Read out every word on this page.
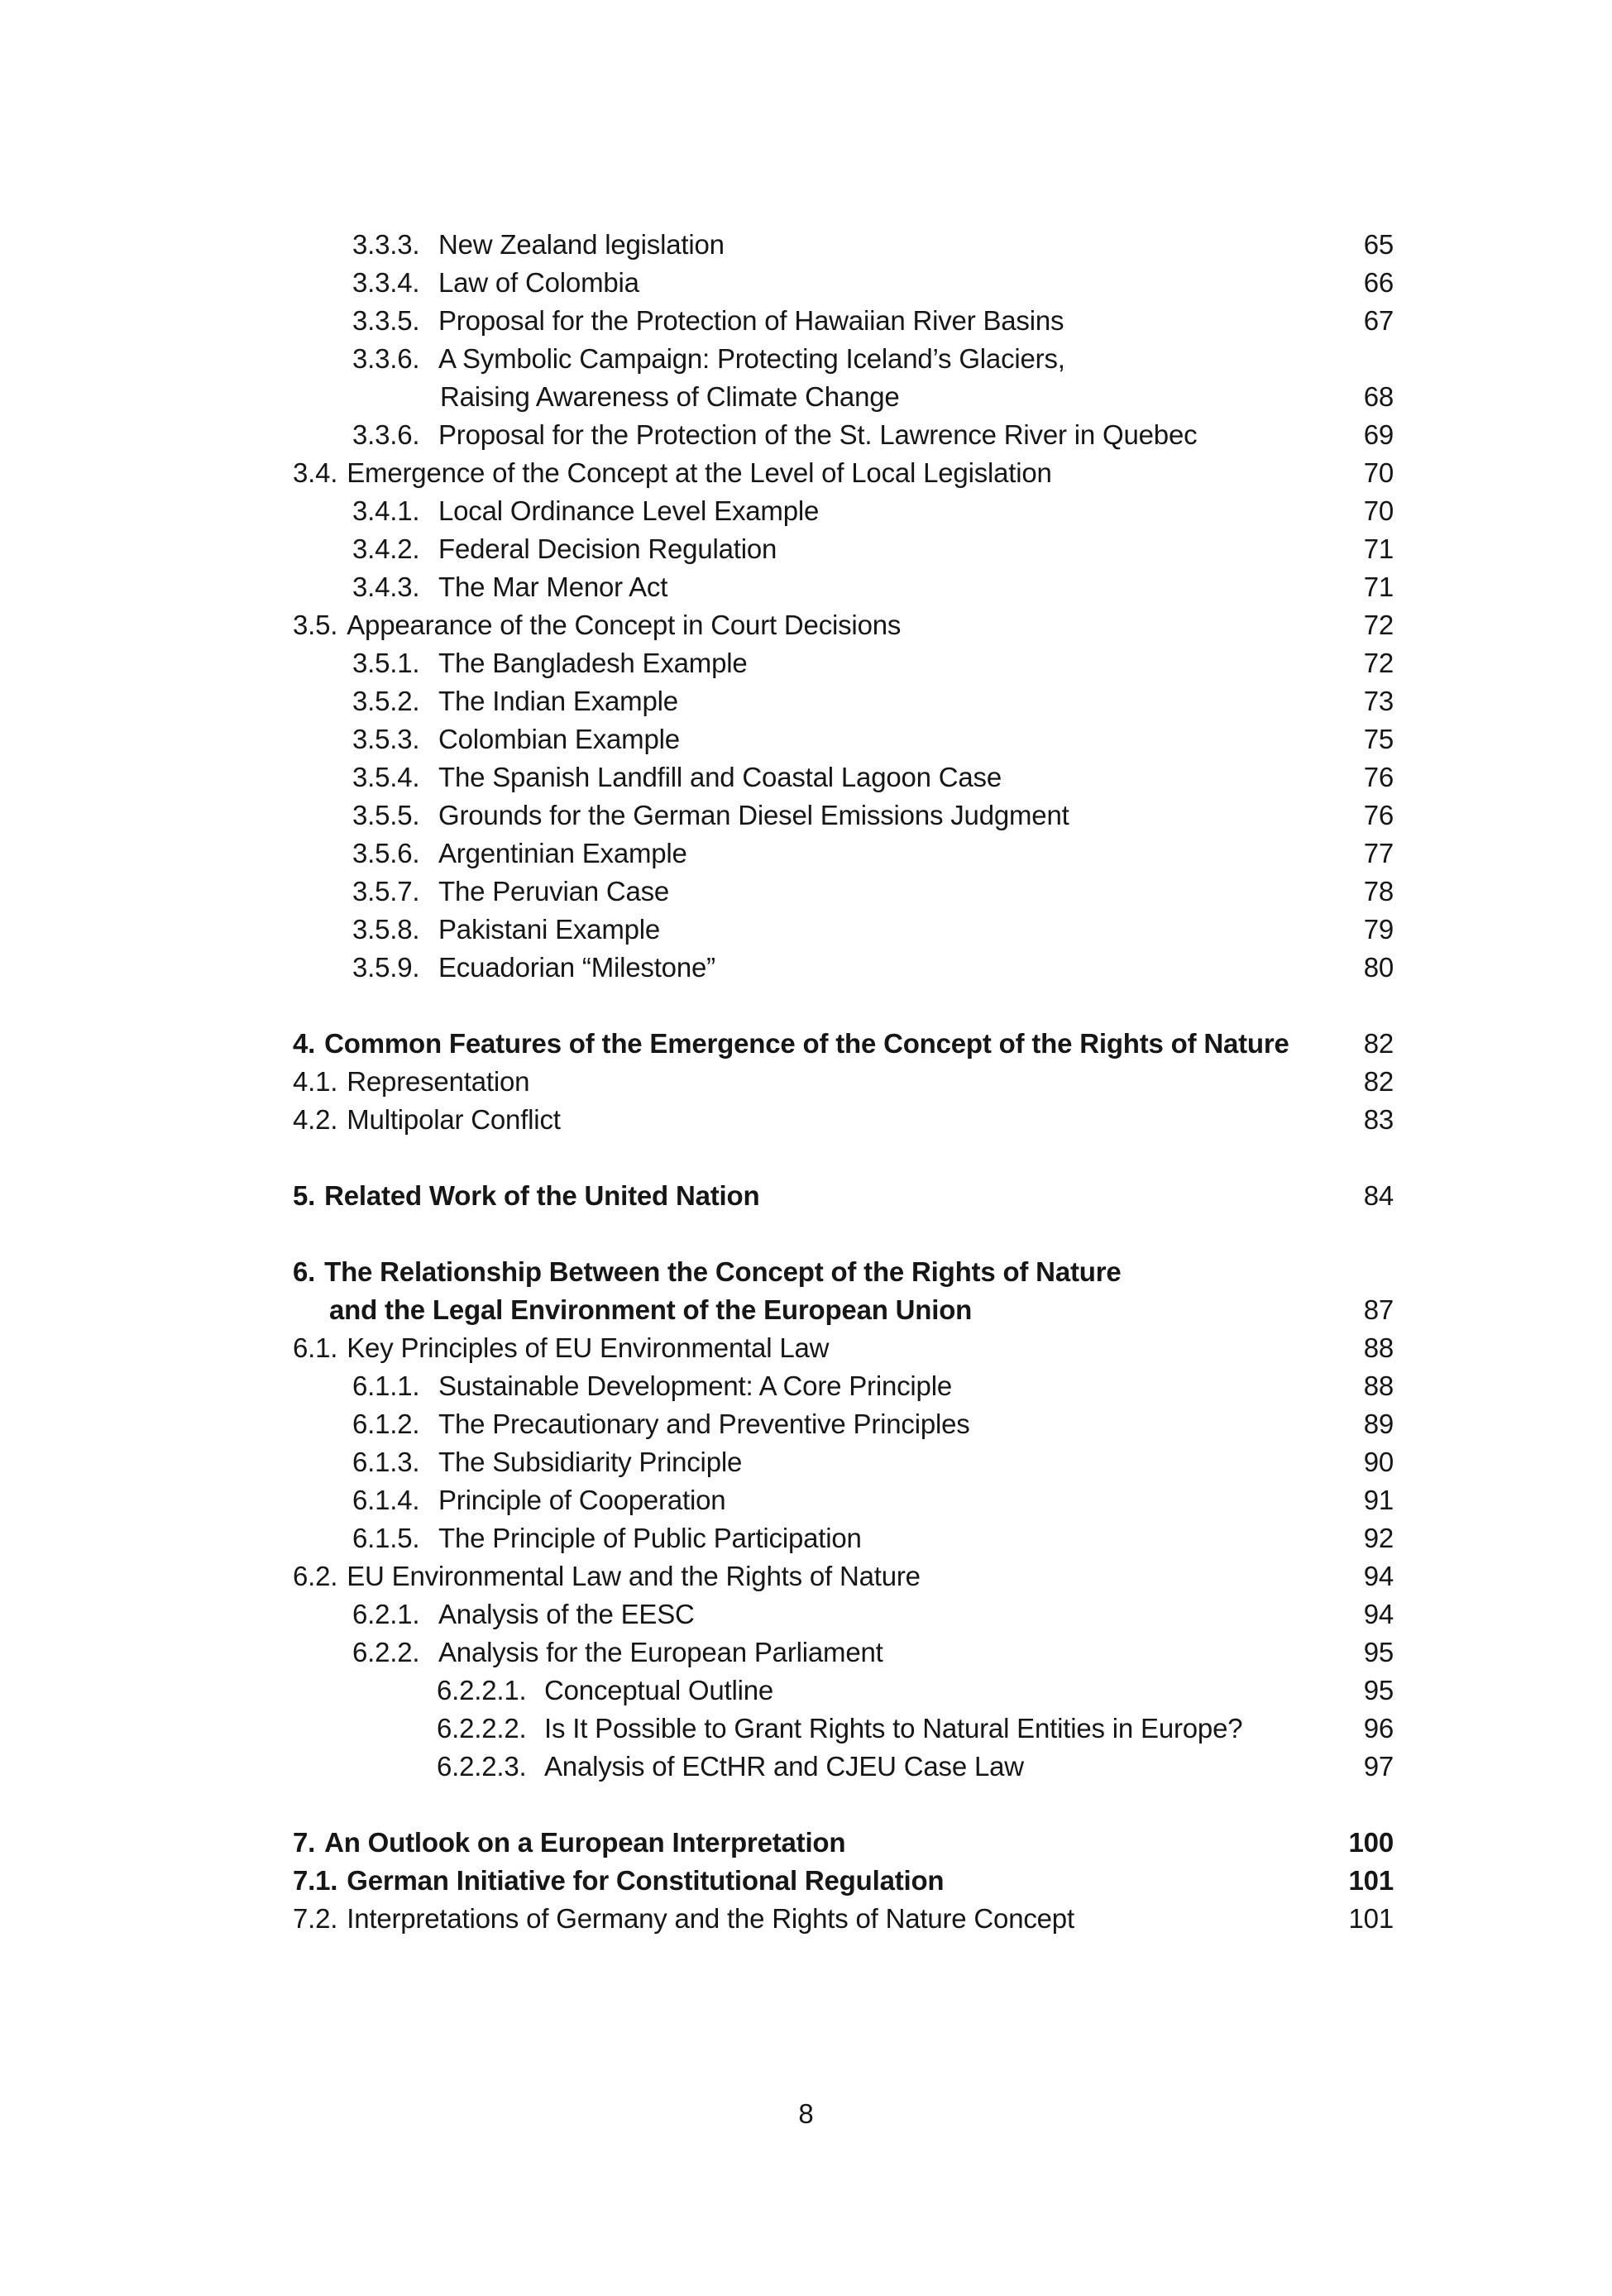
3.3.3. New Zealand legislation	65
3.3.4. Law of Colombia	66
3.3.5. Proposal for the Protection of Hawaiian River Basins	67
3.3.6. A Symbolic Campaign: Protecting Iceland’s Glaciers,
Raising Awareness of Climate Change	68
3.3.6. Proposal for the Protection of the St. Lawrence River in Quebec	69
3.4. Emergence of the Concept at the Level of Local Legislation	70
3.4.1. Local Ordinance Level Example	70
3.4.2. Federal Decision Regulation	71
3.4.3. The Mar Menor Act	71
3.5. Appearance of the Concept in Court Decisions	72
3.5.1. The Bangladesh Example	72
3.5.2. The Indian Example	73
3.5.3. Colombian Example	75
3.5.4. The Spanish Landfill and Coastal Lagoon Case	76
3.5.5. Grounds for the German Diesel Emissions Judgment	76
3.5.6. Argentinian Example	77
3.5.7. The Peruvian Case	78
3.5.8. Pakistani Example	79
3.5.9. Ecuadorian “Milestone”	80
4. Common Features of the Emergence of the Concept of the Rights of Nature	82
4.1. Representation	82
4.2. Multipolar Conflict	83
5. Related Work of the United Nation	84
6. The Relationship Between the Concept of the Rights of Nature
and the Legal Environment of the European Union	87
6.1. Key Principles of EU Environmental Law	88
6.1.1. Sustainable Development: A Core Principle	88
6.1.2. The Precautionary and Preventive Principles	89
6.1.3. The Subsidiarity Principle	90
6.1.4. Principle of Cooperation	91
6.1.5. The Principle of Public Participation	92
6.2. EU Environmental Law and the Rights of Nature	94
6.2.1. Analysis of the EESC	94
6.2.2. Analysis for the European Parliament	95
6.2.2.1. Conceptual Outline	95
6.2.2.2. Is It Possible to Grant Rights to Natural Entities in Europe?	96
6.2.2.3. Analysis of ECtHR and CJEU Case Law	97
7. An Outlook on a European Interpretation	100
7.1. German Initiative for Constitutional Regulation	101
7.2. Interpretations of Germany and the Rights of Nature Concept	101
8
